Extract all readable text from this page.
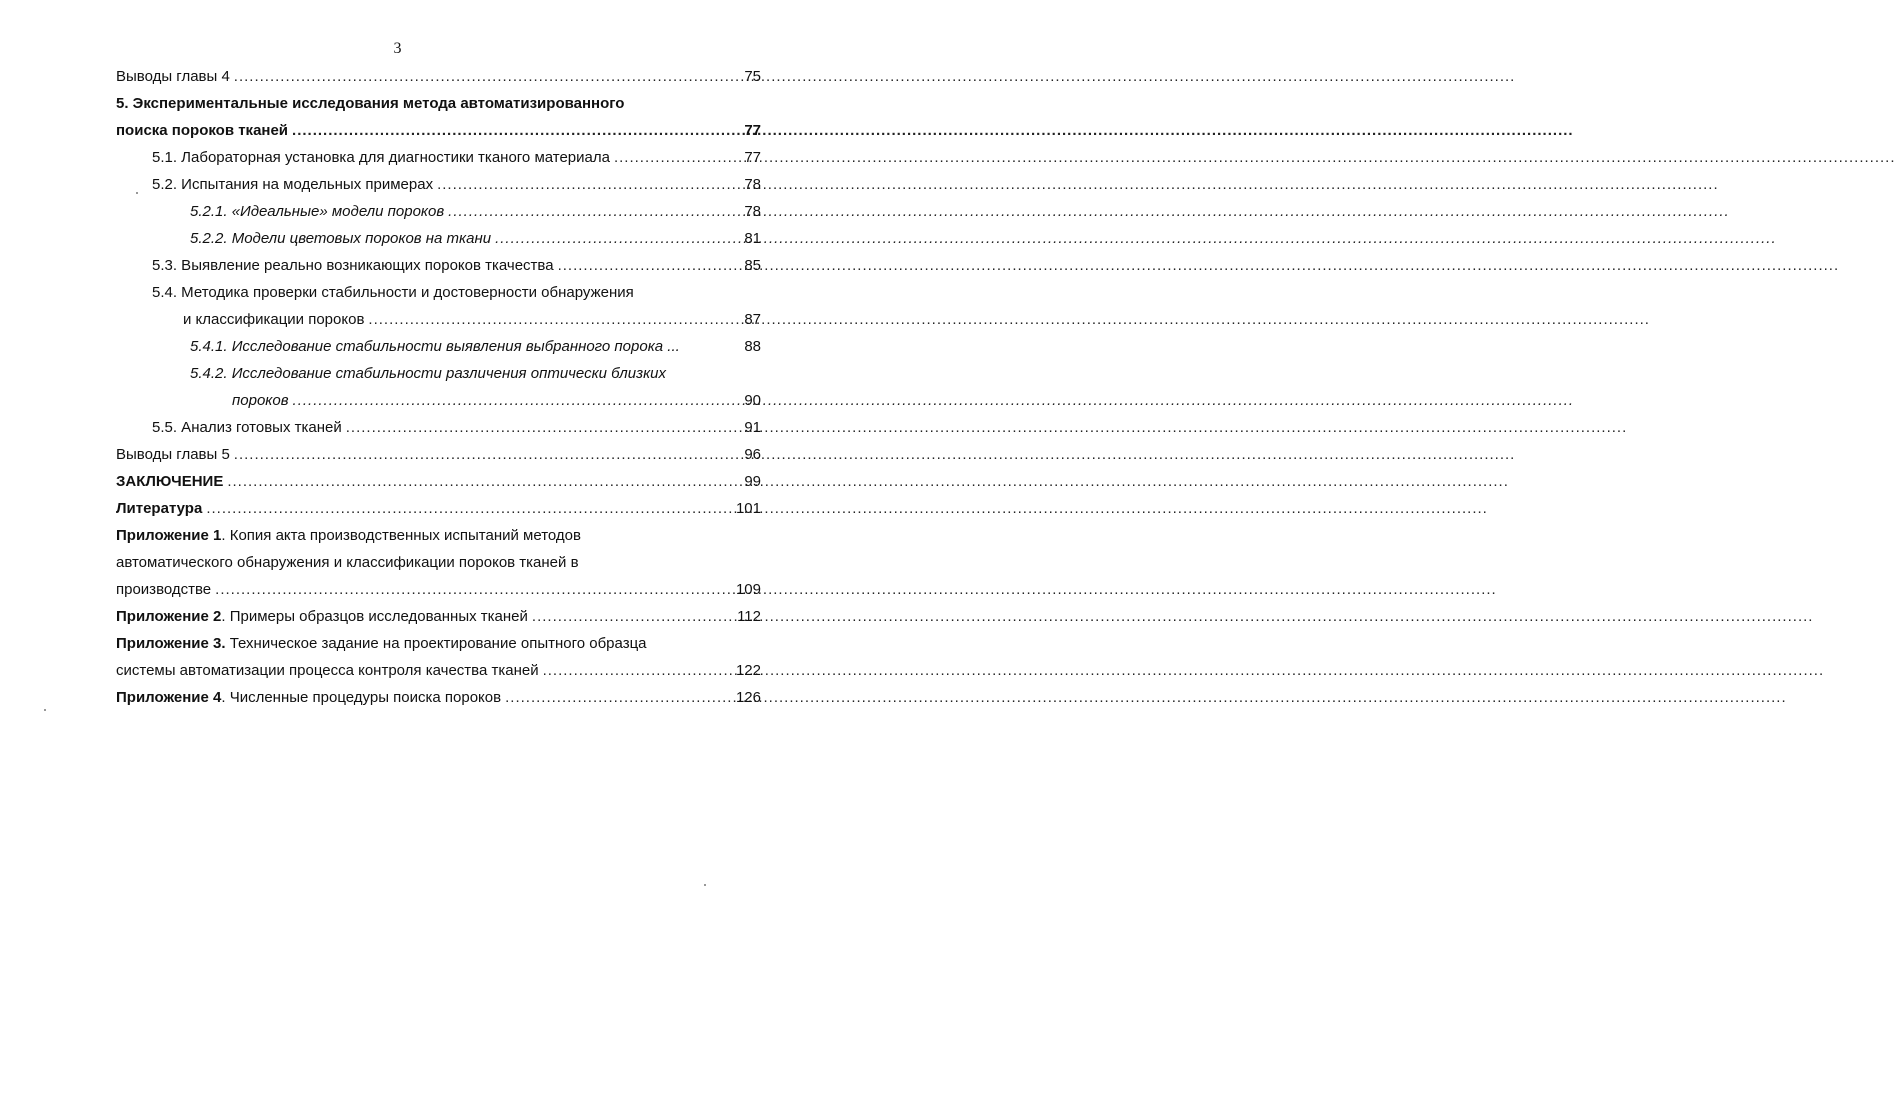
3
Выводы главы 4 .....	75
5. Экспериментальные исследования метода автоматизированного
поиска пороков тканей .....	77
5.1. Лабораторная установка для диагностики тканого материала .....	77
5.2. Испытания на модельных примерах .....	78
5.2.1. «Идеальные» модели пороков .....	78
5.2.2. Модели цветовых пороков на ткани .....	81
5.3. Выявление реально возникающих пороков ткачества .....	85
5.4. Методика проверки стабильности и достоверности обнаружения
и классификации пороков .....	87
5.4.1. Исследование стабильности выявления выбранного порока ...	88
5.4.2. Исследование стабильности различения оптически близких
пороков .....	90
5.5. Анализ готовых тканей .....	91
Выводы главы 5 .....	96
ЗАКЛЮЧЕНИЕ .....	99
Литература .....	101
Приложение 1. Копия акта производственных испытаний методов
автоматического обнаружения и классификации пороков тканей в
производстве .....	109
Приложение 2. Примеры образцов исследованных тканей .....	112
Приложение 3. Техническое задание на проектирование опытного образца
системы автоматизации процесса контроля качества тканей .....	122
Приложение 4. Численные процедуры поиска пороков .....	126
